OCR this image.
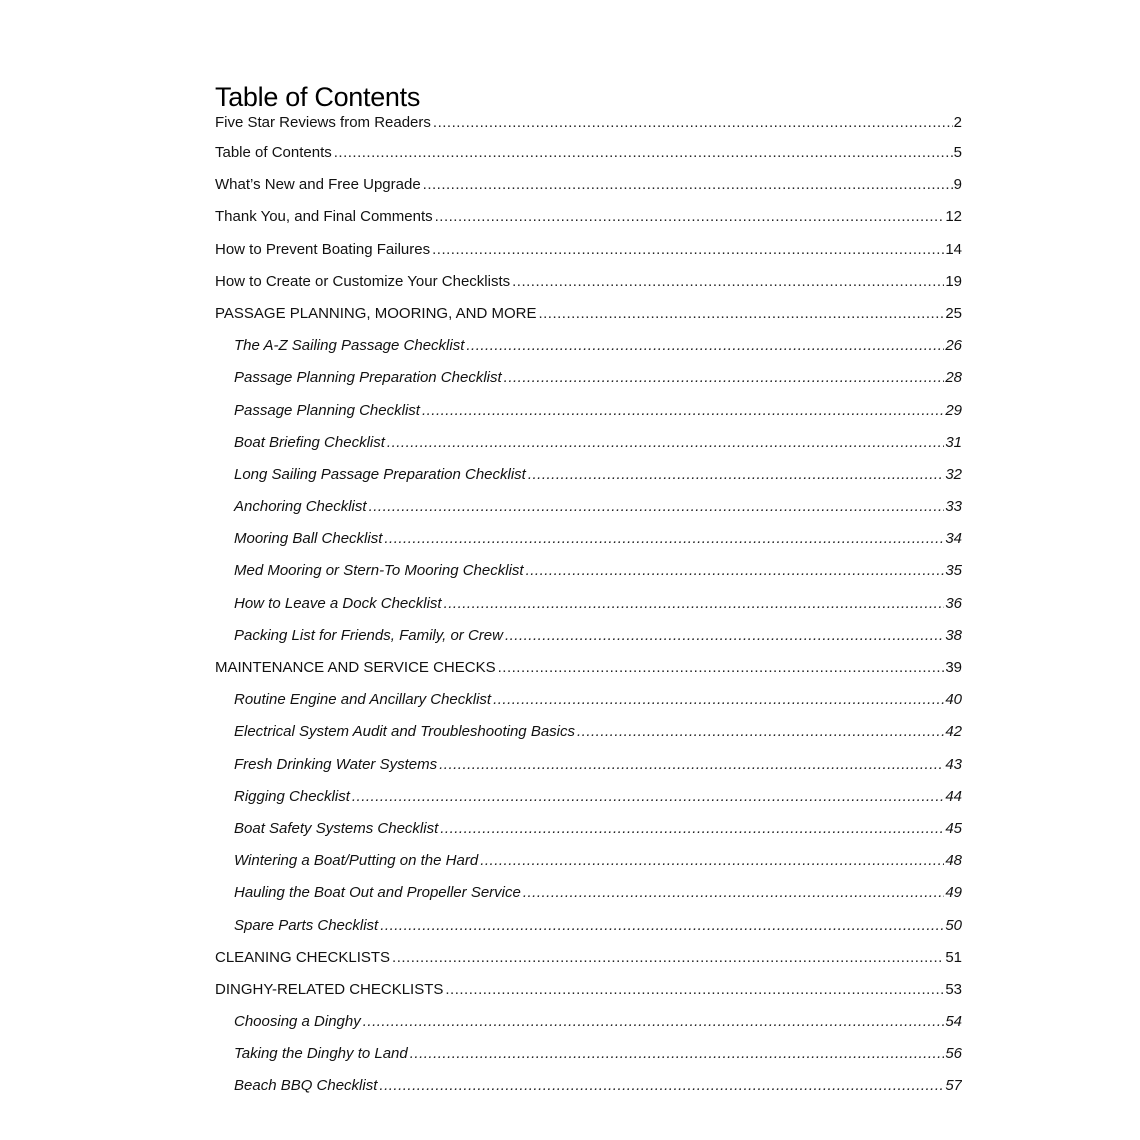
Table of Contents
Five Star Reviews from Readers .....	2
Table of Contents .....	5
What’s New and Free Upgrade .....	9
Thank You, and Final Comments .....	12
How to Prevent Boating Failures .....	14
How to Create or Customize Your Checklists .....	19
PASSAGE PLANNING, MOORING, AND MORE .....	25
The A-Z Sailing Passage Checklist .....	26
Passage Planning Preparation Checklist .....	28
Passage Planning Checklist .....	29
Boat Briefing Checklist .....	31
Long Sailing Passage Preparation Checklist .....	32
Anchoring Checklist .....	33
Mooring Ball Checklist .....	34
Med Mooring or Stern-To Mooring Checklist .....	35
How to Leave a Dock Checklist .....	36
Packing List for Friends, Family, or Crew .....	38
MAINTENANCE AND SERVICE CHECKS .....	39
Routine Engine and Ancillary Checklist .....	40
Electrical System Audit and Troubleshooting Basics .....	42
Fresh Drinking Water Systems .....	43
Rigging Checklist .....	44
Boat Safety Systems Checklist .....	45
Wintering a Boat/Putting on the Hard .....	48
Hauling the Boat Out and Propeller Service .....	49
Spare Parts Checklist .....	50
CLEANING CHECKLISTS .....	51
DINGHY-RELATED CHECKLISTS .....	53
Choosing a Dinghy .....	54
Taking the Dinghy to Land .....	56
Beach BBQ Checklist .....	57
